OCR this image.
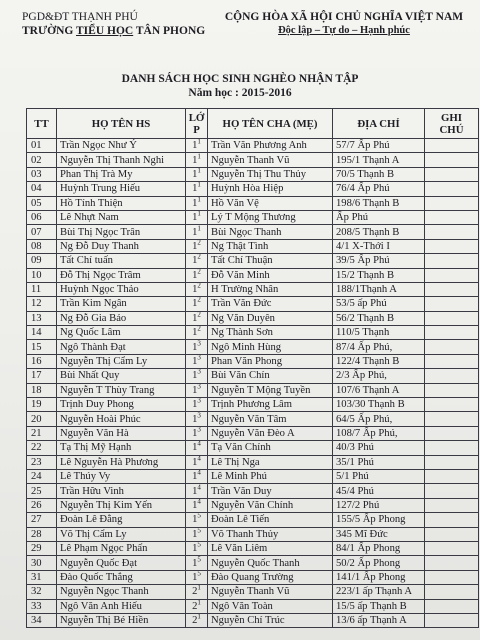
PGD&ĐT THẠNH PHÚ
TRƯỜNG TIỂU HỌC TÂN PHONG
CỘNG HÒA XÃ HỘI CHỦ NGHĨA VIỆT NAM
Độc lập – Tự do – Hạnh phúc
DANH SÁCH HỌC SINH NGHÈO NHẬN TẬP
Năm học : 2015-2016
TT	HỌ TÊN HS	LỚP	HỌ TÊN CHA (MẸ)	ĐỊA CHỈ	GHI CHÚ
01	Trần Ngọc Như Ý	$1^1$	Trần Văn Phương Anh	57/7 Ấp Phú	
02	Nguyễn Thị Thanh Nghi	$1^1$	Nguyễn Thanh Vũ	195/1 Thạnh A	
03	Phan Thị Trà My	$1^1$	Nguyễn Thị Thu Thủy	70/5 Thạnh B	
04	Huỳnh Trung Hiếu	$1^1$	Huỳnh Hòa Hiệp	76/4 Ấp Phú	
05	Hồ Tính Thiện	$1^1$	Hồ Văn Vệ	198/6 Thạnh B	
06	Lê Nhựt Nam	$1^1$	Lý T Mộng Thương	Ấp Phú	
07	Bùi Thị Ngọc Trân	$1^1$	Bùi Ngọc Thanh	208/5 Thạnh B	
08	Ng Đỗ Duy Thanh	$1^2$	Ng Thật Tình	4/1 X-Thới I	
09	Tất Chí tuấn	$1^2$	Tất Chí Thuận	39/5 Ấp Phú	
10	Đỗ Thị Ngọc Trâm	$1^2$	Đỗ Văn Minh	15/2 Thạnh B	
11	Huỳnh Ngọc Thảo	$1^2$	H Trường Nhân	188/1Thạnh A	
12	Trần Kim Ngân	$1^2$	Trần Văn Đức	53/5 ấp Phú	
13	Ng Đỗ Gia Bảo	$1^2$	Ng Văn Duyên	56/2 Thạnh B	
14	Ng Quốc Lâm	$1^2$	Ng Thành Sơn	110/5 Thạnh	
15	Ngô Thành Đạt	$1^3$	Ngô Minh Hùng	87/4 Ấp Phú,	
16	Nguyễn Thị Cẩm Ly	$1^3$	Phan Văn Phong	122/4 Thạnh B	
17	Bùi Nhất Quy	$1^3$	Bùi Văn Chín	2/3 Ấp Phú,	
18	Nguyễn T Thùy Trang	$1^3$	Nguyễn T Mộng Tuyền	107/6 Thạnh A	
19	Trịnh Duy Phong	$1^3$	Trịnh Phương Lâm	103/30 Thạnh B	
20	Nguyễn Hoài Phúc	$1^3$	Nguyễn Văn Tâm	64/5 Ấp Phú,	
21	Nguyễn Văn Hà	$1^3$	Nguyễn Văn Đèo A	108/7 Ấp Phú,	
22	Tạ Thị Mỹ Hạnh	$1^4$	Tạ Văn Chính	40/3 Phú	
23	Lê Nguyễn Hà Phương	$1^4$	Lê Thị Nga	35/1 Phú	
24	Lê Thúy Vy	$1^4$	Lê Minh Phú	5/1 Phú	
25	Trần Hữu Vinh	$1^4$	Trần Văn Duy	45/4 Phú	
26	Nguyễn Thị Kim Yến	$1^4$	Nguyễn Văn Chính	127/2 Phú	
27	Đoàn Lê Đằng	$1^5$	Đoàn Lê Tiến	155/5 Ấp Phong	
28	Võ Thị Cẩm Ly	$1^5$	Võ Thanh Thủy	345 Mĩ Đức	
29	Lê Phạm Ngọc Phấn	$1^5$	Lê Văn Liêm	84/1 Ấp Phong	
30	Nguyễn Quốc Đạt	$1^5$	Nguyễn Quốc Thanh	50/2 Ấp Phong	
31	Đào Quốc Thắng	$1^5$	Đào Quang Trường	141/1 Ấp Phong	
32	Nguyễn Ngọc Thanh	$2^1$	Nguyễn Thanh Vũ	223/1 ấp Thạnh A	
33	Ngô Văn Anh Hiếu	$2^1$	Ngô Văn Toàn	15/5 ấp Thạnh B	
34	Nguyễn Thị Bé Hiền	$2^1$	Nguyễn Chí Trúc	13/6 ấp Thạnh A	
